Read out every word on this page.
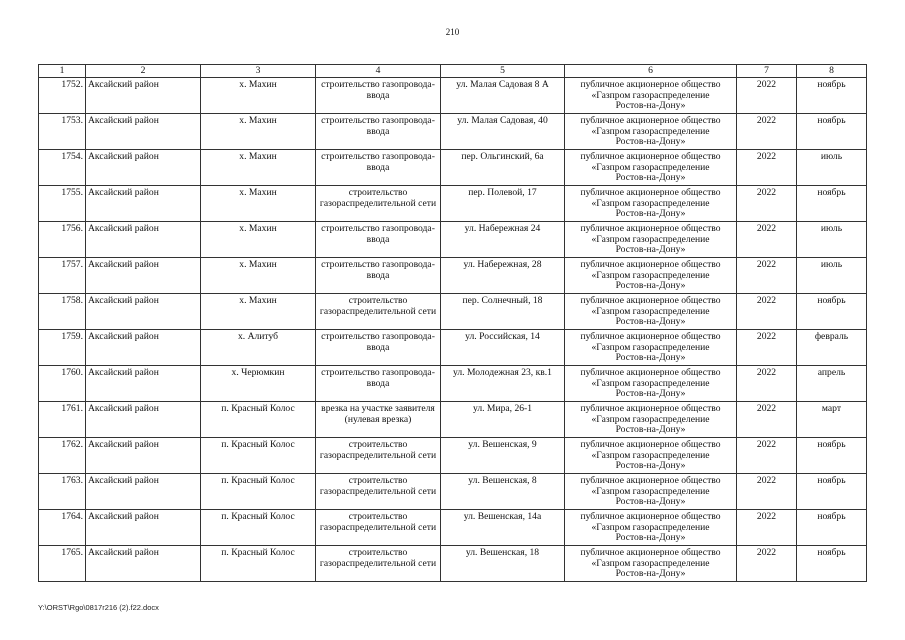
210
1	2	3	4	5	6	7	8
1752.	Аксайский район	х. Махин	строительство газопровода-ввода	ул. Малая Садовая 8 А	публичное акционерное общество
«Газпром газораспределение
Ростов-на-Дону»	2022	ноябрь
1753.	Аксайский район	х. Махин	строительство газопровода-ввода	ул. Малая Садовая, 40	публичное акционерное общество
«Газпром газораспределение
Ростов-на-Дону»	2022	ноябрь
1754.	Аксайский район	х. Махин	строительство газопровода-ввода	пер. Ольгинский, 6а	публичное акционерное общество
«Газпром газораспределение
Ростов-на-Дону»	2022	июль
1755.	Аксайский район	х. Махин	строительство газораспределительной сети	пер. Полевой, 17	публичное акционерное общество
«Газпром газораспределение
Ростов-на-Дону»	2022	ноябрь
1756.	Аксайский район	х. Махин	строительство газопровода-ввода	ул. Набережная 24	публичное акционерное общество
«Газпром газораспределение
Ростов-на-Дону»	2022	июль
1757.	Аксайский район	х. Махин	строительство газопровода-ввода	ул. Набережная, 28	публичное акционерное общество
«Газпром газораспределение
Ростов-на-Дону»	2022	июль
1758.	Аксайский район	х. Махин	строительство газораспределительной сети	пер. Солнечный, 18	публичное акционерное общество
«Газпром газораспределение
Ростов-на-Дону»	2022	ноябрь
1759.	Аксайский район	х. Алитуб	строительство газопровода-ввода	ул. Российская, 14	публичное акционерное общество
«Газпром газораспределение
Ростов-на-Дону»	2022	февраль
1760.	Аксайский район	х. Черюмкин	строительство газопровода-ввода	ул. Молодежная 23, кв.1	публичное акционерное общество
«Газпром газораспределение
Ростов-на-Дону»	2022	апрель
1761.	Аксайский район	п. Красный Колос	врезка на участке заявителя (нулевая врезка)	ул. Мира, 26-1	публичное акционерное общество
«Газпром газораспределение
Ростов-на-Дону»	2022	март
1762.	Аксайский район	п. Красный Колос	строительство газораспределительной сети	ул. Вешенская, 9	публичное акционерное общество
«Газпром газораспределение
Ростов-на-Дону»	2022	ноябрь
1763.	Аксайский район	п. Красный Колос	строительство газораспределительной сети	ул. Вешенская, 8	публичное акционерное общество
«Газпром газораспределение
Ростов-на-Дону»	2022	ноябрь
1764.	Аксайский район	п. Красный Колос	строительство газораспределительной сети	ул. Вешенская, 14а	публичное акционерное общество
«Газпром газораспределение
Ростов-на-Дону»	2022	ноябрь
1765.	Аксайский район	п. Красный Колос	строительство газораспределительной сети	ул. Вешенская, 18	публичное акционерное общество
«Газпром газораспределение
Ростов-на-Дону»	2022	ноябрь
Y:\ORST\Rgo\0817r216 (2).f22.docx
